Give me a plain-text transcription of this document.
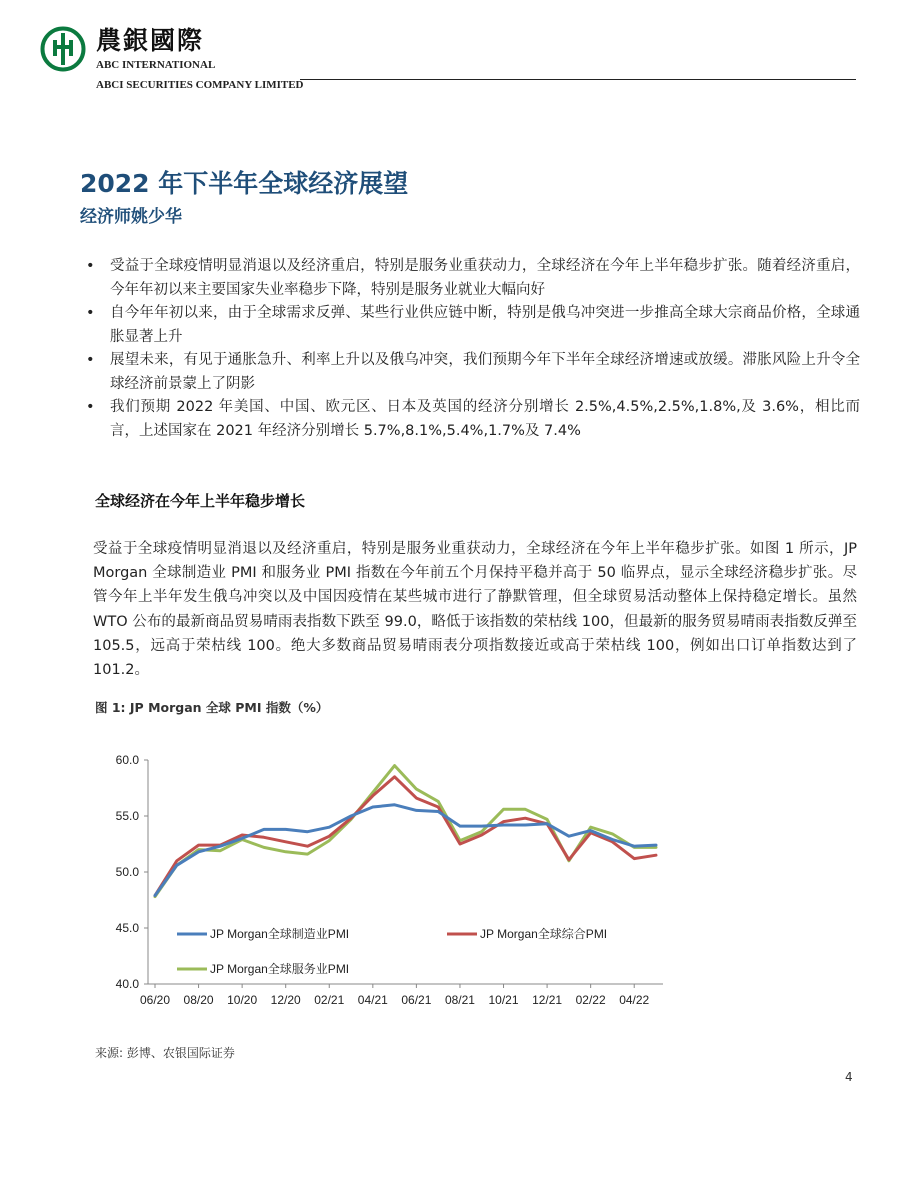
農銀國際
ABC INTERNATIONAL
ABCI SECURITIES COMPANY LIMITED
2022 年下半年全球经济展望
经济师姚少华
• 受益于全球疫情明显消退以及经济重启，特别是服务业重获动力，全球经济在今年上半年稳步扩张。随着经济重启，今年年初以来主要国家失业率稳步下降，特别是服务业就业大幅向好
• 自今年年初以来，由于全球需求反弹、某些行业供应链中断，特别是俄乌冲突进一步推高全球大宗商品价格，全球通胀显著上升
• 展望未来，有见于通胀急升、利率上升以及俄乌冲突，我们预期今年下半年全球经济增速或放缓。滞胀风险上升令全球经济前景蒙上了阴影
• 我们预期 2022 年美国、中国、欧元区、日本及英国的经济分别增长 2.5%,4.5%,2.5%,1.8%,及 3.6%，相比而言，上述国家在 2021 年经济分别增长 5.7%,8.1%,5.4%,1.7%及 7.4%
全球经济在今年上半年稳步增长

受益于全球疫情明显消退以及经济重启，特别是服务业重获动力，全球经济在今年上半年稳步扩张。如图 1 所示，JP Morgan 全球制造业 PMI 和服务业 PMI 指数在今年前五个月保持平稳并高于 50 临界点，显示全球经济稳步扩张。尽管今年上半年发生俄乌冲突以及中国因疫情在某些城市进行了静默管理，但全球贸易活动整体上保持稳定增长。虽然 WTO 公布的最新商品贸易晴雨表指数下跌至 99.0，略低于该指数的荣枯线 100，但最新的服务贸易晴雨表指数反弹至 105.5，远高于荣枯线 100。绝大多数商品贸易晴雨表分项指数接近或高于荣枯线 100，例如出口订单指数达到了 101.2。

图 1: JP Morgan 全球 PMI 指数（%）
60.0
55.0
50.0
45.0
40.0
06/20 08/20 10/20 12/20 02/21 04/21 06/21 08/21 10/21 12/21 02/22 04/22
JP Morgan全球制造业PMI	JP Morgan全球综合PMI
JP Morgan全球服务业PMI
来源: 彭博、农银国际证券
4
